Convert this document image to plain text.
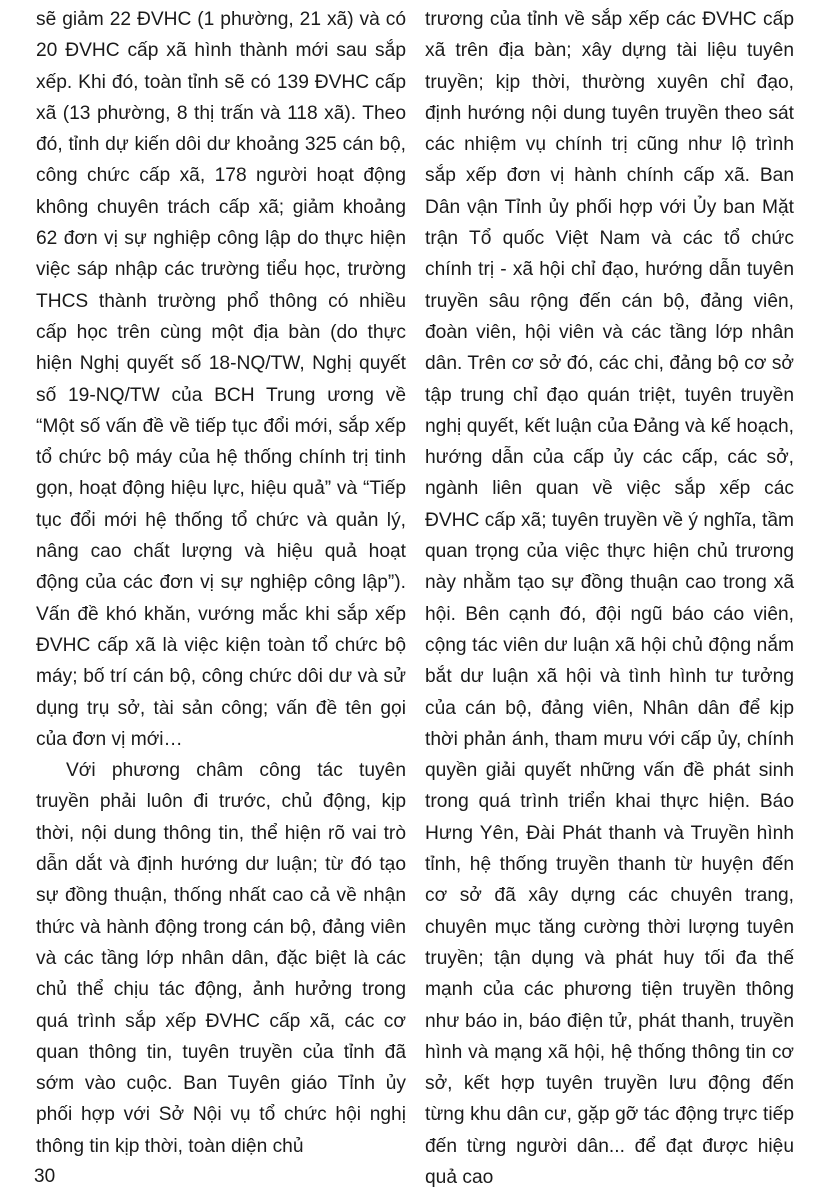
sẽ giảm 22 ĐVHC (1 phường, 21 xã) và có 20 ĐVHC cấp xã hình thành mới sau sắp xếp. Khi đó, toàn tỉnh sẽ có 139 ĐVHC cấp xã (13 phường, 8 thị trấn và 118 xã). Theo đó, tỉnh dự kiến dôi dư khoảng 325 cán bộ, công chức cấp xã, 178 người hoạt động không chuyên trách cấp xã; giảm khoảng 62 đơn vị sự nghiệp công lập do thực hiện việc sáp nhập các trường tiểu học, trường THCS thành trường phổ thông có nhiều cấp học trên cùng một địa bàn (do thực hiện Nghị quyết số 18-NQ/TW, Nghị quyết số 19-NQ/TW của BCH Trung ương về “Một số vấn đề về tiếp tục đổi mới, sắp xếp tổ chức bộ máy của hệ thống chính trị tinh gọn, hoạt động hiệu lực, hiệu quả” và “Tiếp tục đổi mới hệ thống tổ chức và quản lý, nâng cao chất lượng và hiệu quả hoạt động của các đơn vị sự nghiệp công lập”). Vấn đề khó khăn, vướng mắc khi sắp xếp ĐVHC cấp xã là việc kiện toàn tổ chức bộ máy; bố trí cán bộ, công chức dôi dư và sử dụng trụ sở, tài sản công; vấn đề tên gọi của đơn vị mới…

Với phương châm công tác tuyên truyền phải luôn đi trước, chủ động, kịp thời, nội dung thông tin, thể hiện rõ vai trò dẫn dắt và định hướng dư luận; từ đó tạo sự đồng thuận, thống nhất cao cả về nhận thức và hành động trong cán bộ, đảng viên và các tầng lớp nhân dân, đặc biệt là các chủ thể chịu tác động, ảnh hưởng trong quá trình sắp xếp ĐVHC cấp xã, các cơ quan thông tin, tuyên truyền của tỉnh đã sớm vào cuộc. Ban Tuyên giáo Tỉnh ủy phối hợp với Sở Nội vụ tổ chức hội nghị thông tin kịp thời, toàn diện chủ

trương của tỉnh về sắp xếp các ĐVHC cấp xã trên địa bàn; xây dựng tài liệu tuyên truyền; kịp thời, thường xuyên chỉ đạo, định hướng nội dung tuyên truyền theo sát các nhiệm vụ chính trị cũng như lộ trình sắp xếp đơn vị hành chính cấp xã. Ban Dân vận Tỉnh ủy phối hợp với Ủy ban Mặt trận Tổ quốc Việt Nam và các tổ chức chính trị - xã hội chỉ đạo, hướng dẫn tuyên truyền sâu rộng đến cán bộ, đảng viên, đoàn viên, hội viên và các tầng lớp nhân dân. Trên cơ sở đó, các chi, đảng bộ cơ sở tập trung chỉ đạo quán triệt, tuyên truyền nghị quyết, kết luận của Đảng và kế hoạch, hướng dẫn của cấp ủy các cấp, các sở, ngành liên quan về việc sắp xếp các ĐVHC cấp xã; tuyên truyền về ý nghĩa, tầm quan trọng của việc thực hiện chủ trương này nhằm tạo sự đồng thuận cao trong xã hội. Bên cạnh đó, đội ngũ báo cáo viên, cộng tác viên dư luận xã hội chủ động nắm bắt dư luận xã hội và tình hình tư tưởng của cán bộ, đảng viên, Nhân dân để kịp thời phản ánh, tham mưu với cấp ủy, chính quyền giải quyết những vấn đề phát sinh trong quá trình triển khai thực hiện. Báo Hưng Yên, Đài Phát thanh và Truyền hình tỉnh, hệ thống truyền thanh từ huyện đến cơ sở đã xây dựng các chuyên trang, chuyên mục tăng cường thời lượng tuyên truyền; tận dụng và phát huy tối đa thế mạnh của các phương tiện truyền thông như báo in, báo điện tử, phát thanh, truyền hình và mạng xã hội, hệ thống thông tin cơ sở, kết hợp tuyên truyền lưu động đến từng khu dân cư, gặp gỡ tác động trực tiếp đến từng người dân... để đạt được hiệu quả cao

30
